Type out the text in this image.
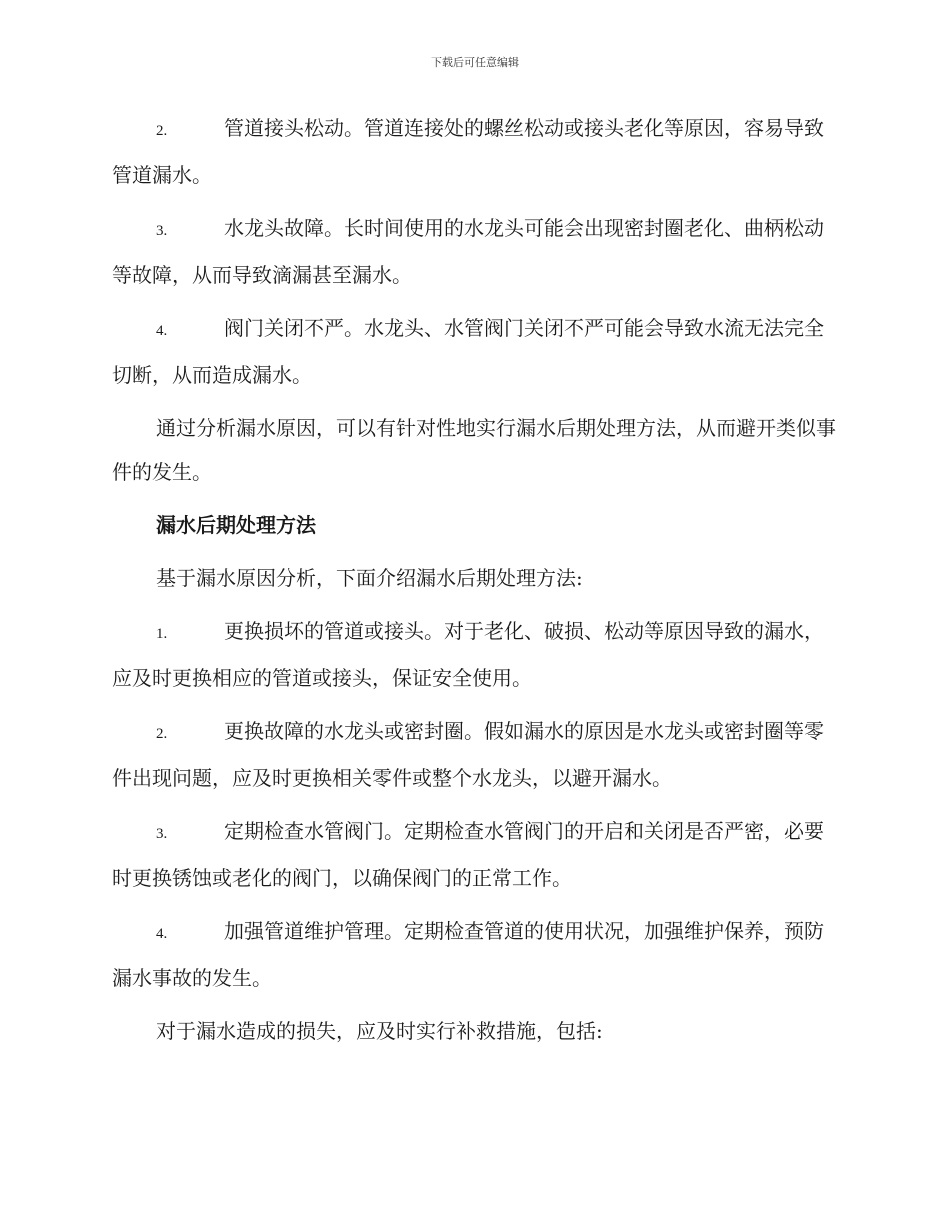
下载后可任意编辑

2.	管道接头松动。管道连接处的螺丝松动或接头老化等原因，容易导致管道漏水。

3.	水龙头故障。长时间使用的水龙头可能会出现密封圈老化、曲柄松动等故障，从而导致滴漏甚至漏水。

4.	阀门关闭不严。水龙头、水管阀门关闭不严可能会导致水流无法完全切断，从而造成漏水。

通过分析漏水原因，可以有针对性地实行漏水后期处理方法，从而避开类似事件的发生。

漏水后期处理方法

基于漏水原因分析，下面介绍漏水后期处理方法:

1.	更换损坏的管道或接头。对于老化、破损、松动等原因导致的漏水，应及时更换相应的管道或接头，保证安全使用。

2.	更换故障的水龙头或密封圈。假如漏水的原因是水龙头或密封圈等零件出现问题，应及时更换相关零件或整个水龙头，以避开漏水。

3.	定期检查水管阀门。定期检查水管阀门的开启和关闭是否严密，必要时更换锈蚀或老化的阀门，以确保阀门的正常工作。

4.	加强管道维护管理。定期检查管道的使用状况，加强维护保养，预防漏水事故的发生。

对于漏水造成的损失，应及时实行补救措施，包括:
